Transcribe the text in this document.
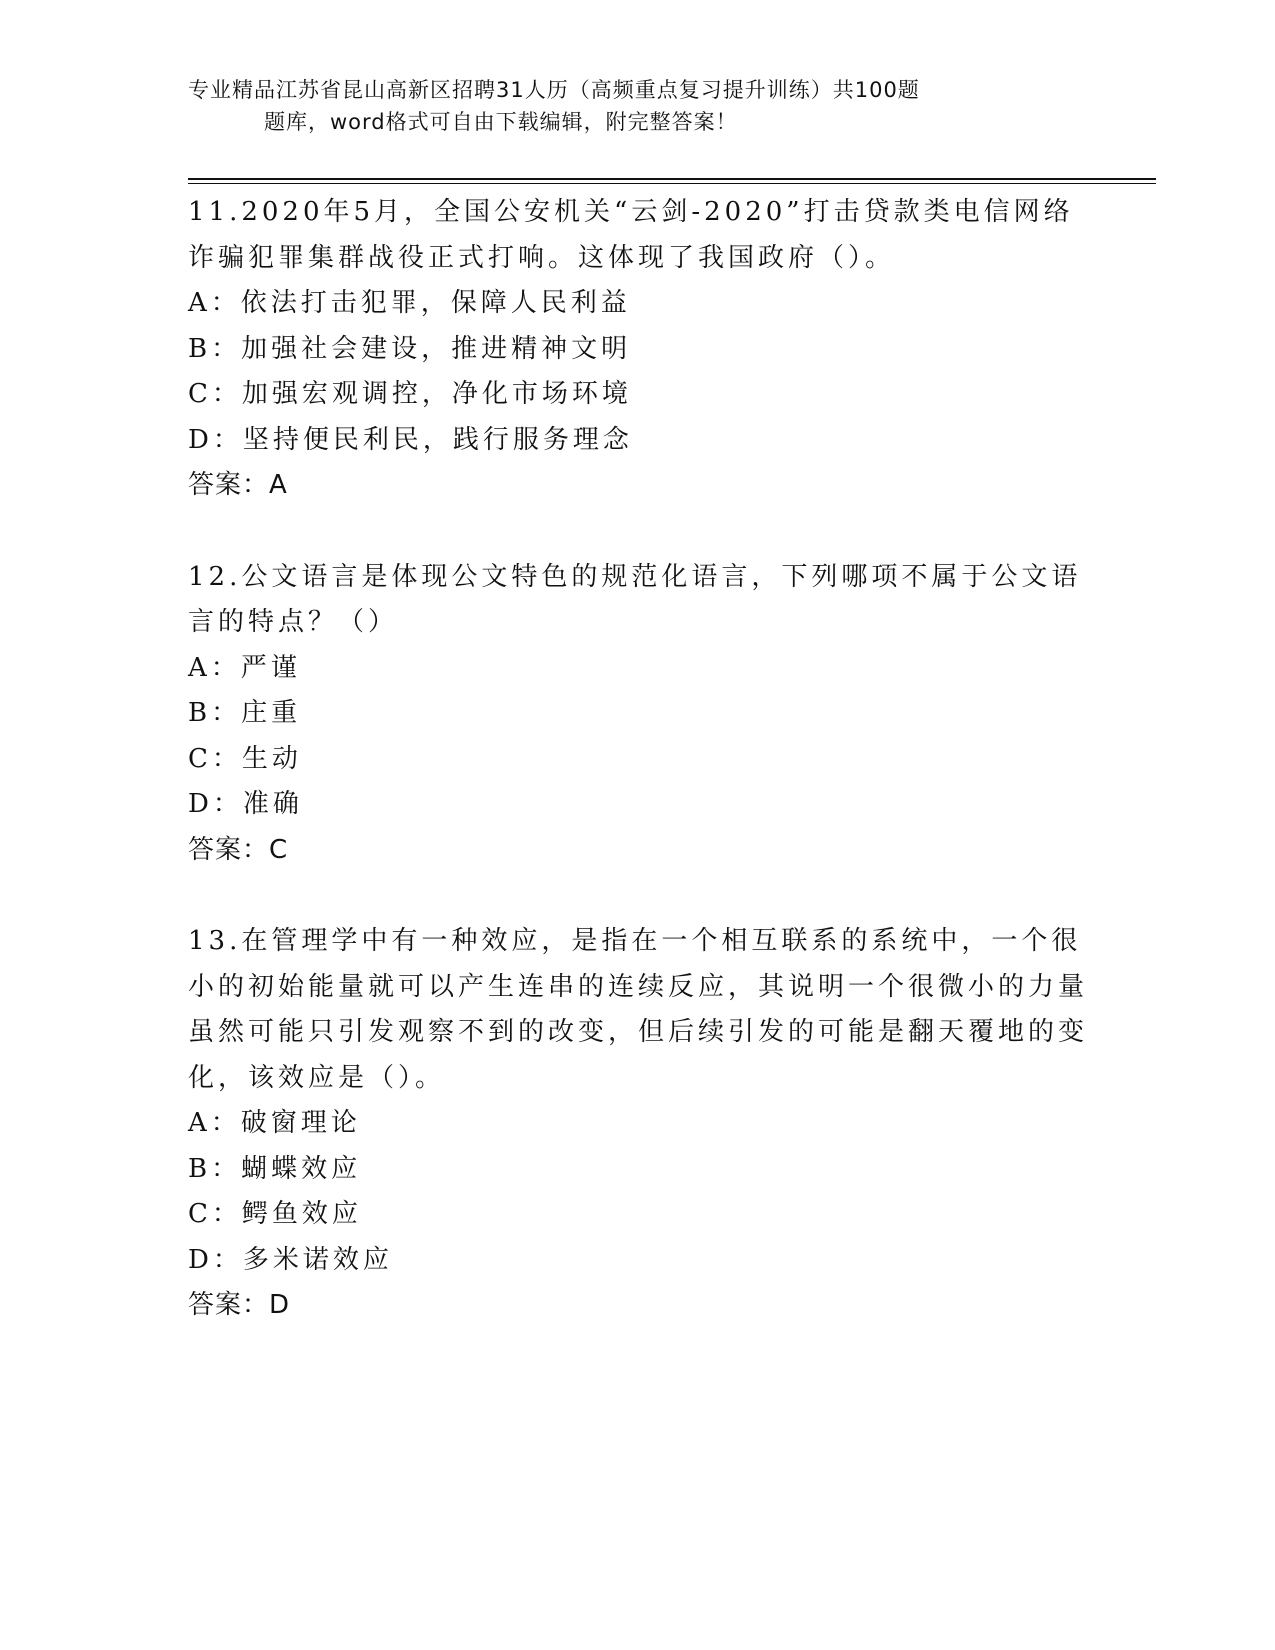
专业精品江苏省昆山高新区招聘31人历（高频重点复习提升训练）共100题
题库，word格式可自由下载编辑，附完整答案！
11.2020年5月，全国公安机关“云剑-2020”打击贷款类电信网络诈骗犯罪集群战役正式打响。这体现了我国政府（）。
A：依法打击犯罪，保障人民利益
B：加强社会建设，推进精神文明
C：加强宏观调控，净化市场环境
D：坚持便民利民，践行服务理念
答案：A
12.公文语言是体现公文特色的规范化语言，下列哪项不属于公文语言的特点？（）
A：严谨
B：庄重
C：生动
D：准确
答案：C
13.在管理学中有一种效应，是指在一个相互联系的系统中，一个很小的初始能量就可以产生连串的连续反应，其说明一个很微小的力量虽然可能只引发观察不到的改变，但后续引发的可能是翻天覆地的变化，该效应是（）。
A：破窗理论
B：蝴蝶效应
C：鳄鱼效应
D：多米诺效应
答案：D
